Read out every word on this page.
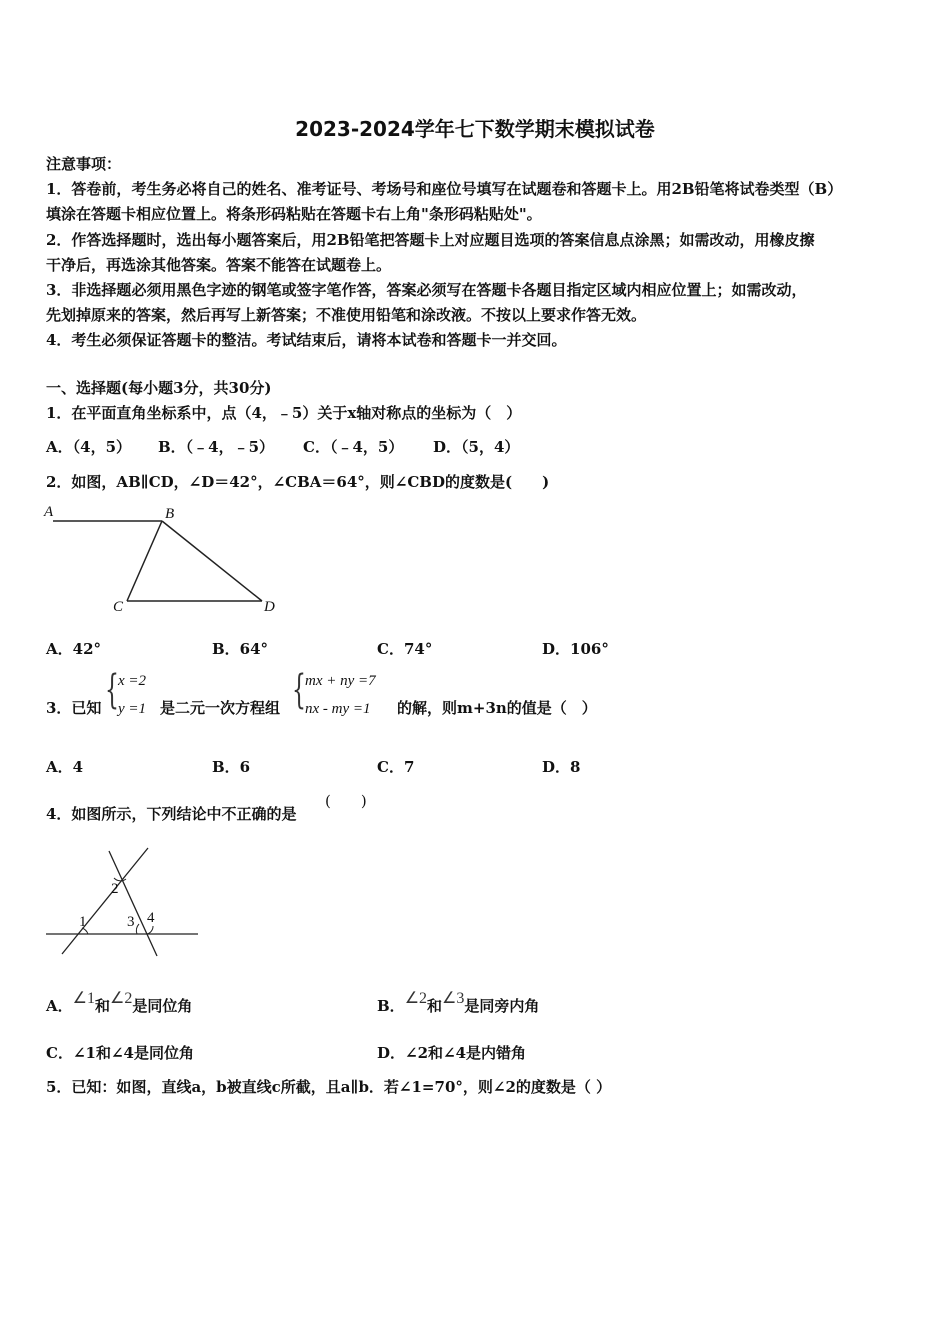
2023-2024学年七下数学期末模拟试卷
注意事项：
1．答卷前，考生务必将自己的姓名、准考证号、考场号和座位号填写在试题卷和答题卡上。用2B铅笔将试卷类型（B）
填涂在答题卡相应位置上。将条形码粘贴在答题卡右上角"条形码粘贴处"。
2．作答选择题时，选出每小题答案后，用2B铅笔把答题卡上对应题目选项的答案信息点涂黑；如需改动，用橡皮擦
干净后，再选涂其他答案。答案不能答在试题卷上。
3．非选择题必须用黑色字迹的钢笔或签字笔作答，答案必须写在答题卡各题目指定区域内相应位置上；如需改动，
先划掉原来的答案，然后再写上新答案；不准使用铅笔和涂改液。不按以上要求作答无效。
4．考生必须保证答题卡的整洁。考试结束后，请将本试卷和答题卡一并交回。
一、选择题(每小题3分，共30分)
1．在平面直角坐标系中，点（4，﹣5）关于x轴对称点的坐标为（　）
A．（4，5） B．（﹣4，﹣5） C．（﹣4，5） D．（5，4）
2．如图，AB∥CD，∠D＝42°，∠CBA＝64°，则∠CBD的度数是(　　)
A	B
C	D
A．42°	B．64°	C．74°	D．106°
3．已知 { x =2
y =1 是二元一次方程组 { mx + ny =7
nx - my =1 的解，则m+3n的值是（　）
A．4	B．6	C．7	D．8
4．如图所示，下列结论中不正确的是
(　　)
1
2
3 4
A．∠1和∠2是同位角	B．∠2和∠3是同旁内角
C．∠1和∠4是同位角	D．∠2和∠4是内错角
5．已知：如图，直线a，b被直线c所截，且a∥b．若∠1=70°，则∠2的度数是（ ）
